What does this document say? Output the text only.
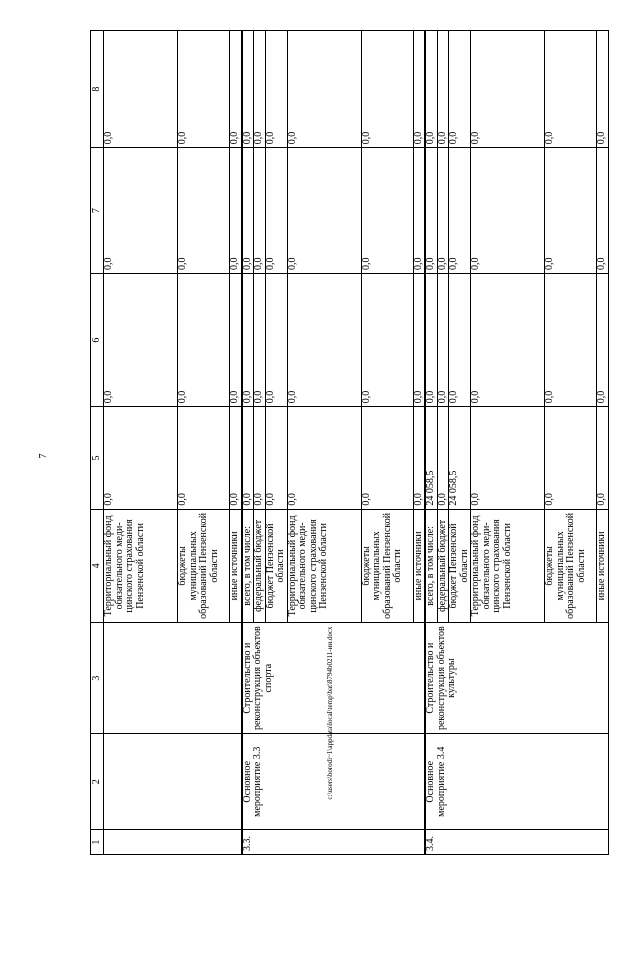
7
c:\users\borodi~1\appdata\local\temp\bat\8794b0211-ии.docx
1	2	3	4	5	6	7	8
			Территориальный фонд обязательного меди-цинского страхования Пензенской области	0,0	0,0	0,0	0,0
			бюджеты муниципальных образований Пензенской области	0,0	0,0	0,0	0,0
			иные источники	0,0	0,0	0,0	0,0
3.3.	Основное мероприятие 3.3	Строительство и реконструкция объектов спорта	всего, в том числе:	0,0	0,0	0,0	0,0
			федеральный бюджет	0,0	0,0	0,0	0,0
			бюджет Пензенской области	0,0	0,0	0,0	0,0
			Территориальный фонд обязательного меди-цинского страхования Пензенской области	0,0	0,0	0,0	0,0
			бюджеты муниципальных образований Пензенской области	0,0	0,0	0,0	0,0
			иные источники	0,0	0,0	0,0	0,0
3.4.	Основное мероприятие 3.4	Строительство и реконструкция объектов культуры	всего, в том числе:	24 058,5	0,0	0,0	0,0
			федеральный бюджет	0,0	0,0	0,0	0,0
			бюджет Пензенской области	24 058,5	0,0	0,0	0,0
			Территориальный фонд обязательного меди-цинского страхования Пензенской области	0,0	0,0	0,0	0,0
			бюджеты муниципальных образований Пензенской области	0,0	0,0	0,0	0,0
			иные источники	0,0	0,0	0,0	0,0
